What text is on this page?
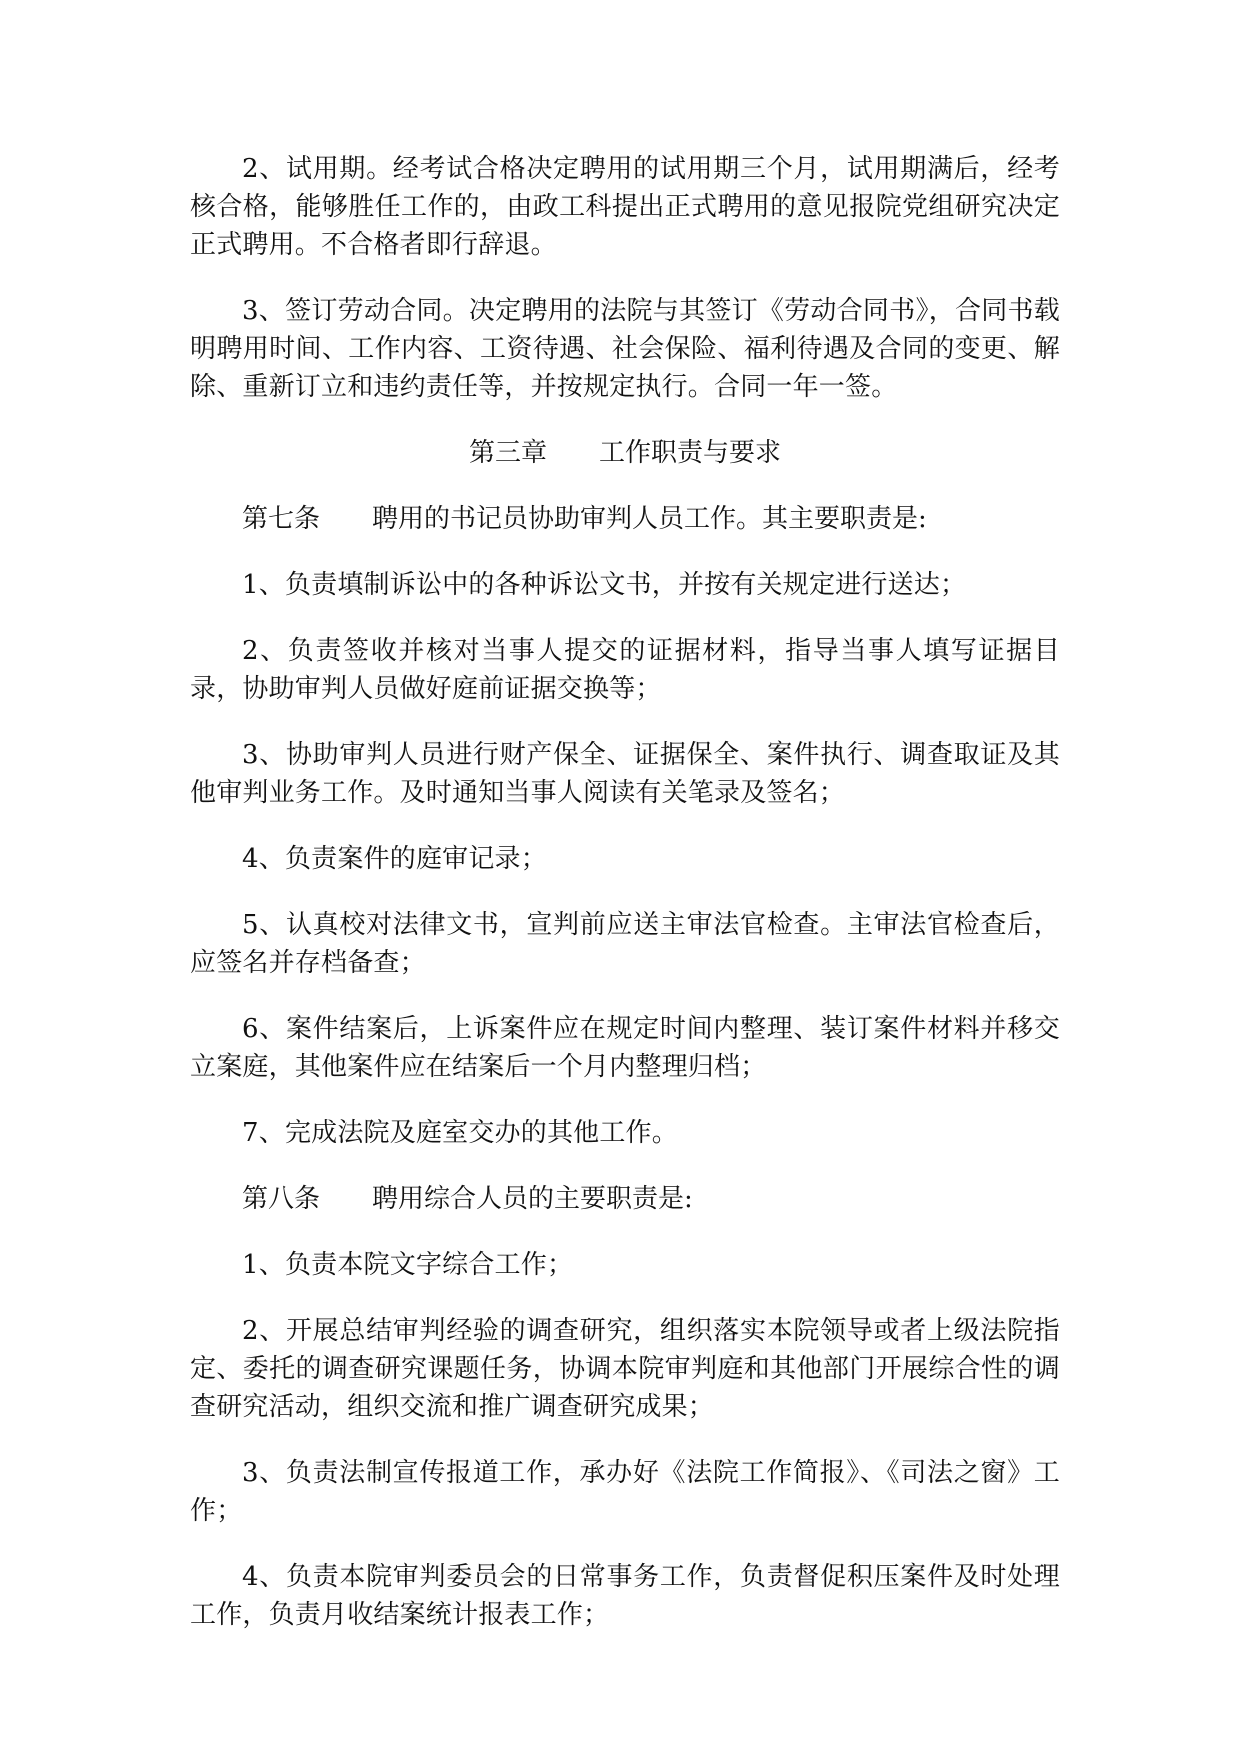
2、试用期。经考试合格决定聘用的试用期三个月，试用期满后，经考核合格，能够胜任工作的，由政工科提出正式聘用的意见报院党组研究决定正式聘用。不合格者即行辞退。

3、签订劳动合同。决定聘用的法院与其签订《劳动合同书》，合同书载明聘用时间、工作内容、工资待遇、社会保险、福利待遇及合同的变更、解除、重新订立和违约责任等，并按规定执行。合同一年一签。

第三章　　工作职责与要求

第七条　　聘用的书记员协助审判人员工作。其主要职责是:

1、负责填制诉讼中的各种诉讼文书，并按有关规定进行送达；

2、负责签收并核对当事人提交的证据材料，指导当事人填写证据目录，协助审判人员做好庭前证据交换等；

3、协助审判人员进行财产保全、证据保全、案件执行、调查取证及其他审判业务工作。及时通知当事人阅读有关笔录及签名；

4、负责案件的庭审记录；

5、认真校对法律文书，宣判前应送主审法官检查。主审法官检查后，应签名并存档备查；

6、案件结案后，上诉案件应在规定时间内整理、装订案件材料并移交立案庭，其他案件应在结案后一个月内整理归档；

7、完成法院及庭室交办的其他工作。

第八条　　聘用综合人员的主要职责是:

1、负责本院文字综合工作；

2、开展总结审判经验的调查研究，组织落实本院领导或者上级法院指定、委托的调查研究课题任务，协调本院审判庭和其他部门开展综合性的调查研究活动，组织交流和推广调查研究成果；

3、负责法制宣传报道工作，承办好《法院工作简报》、《司法之窗》工作；

4、负责本院审判委员会的日常事务工作，负责督促积压案件及时处理工作，负责月收结案统计报表工作；
